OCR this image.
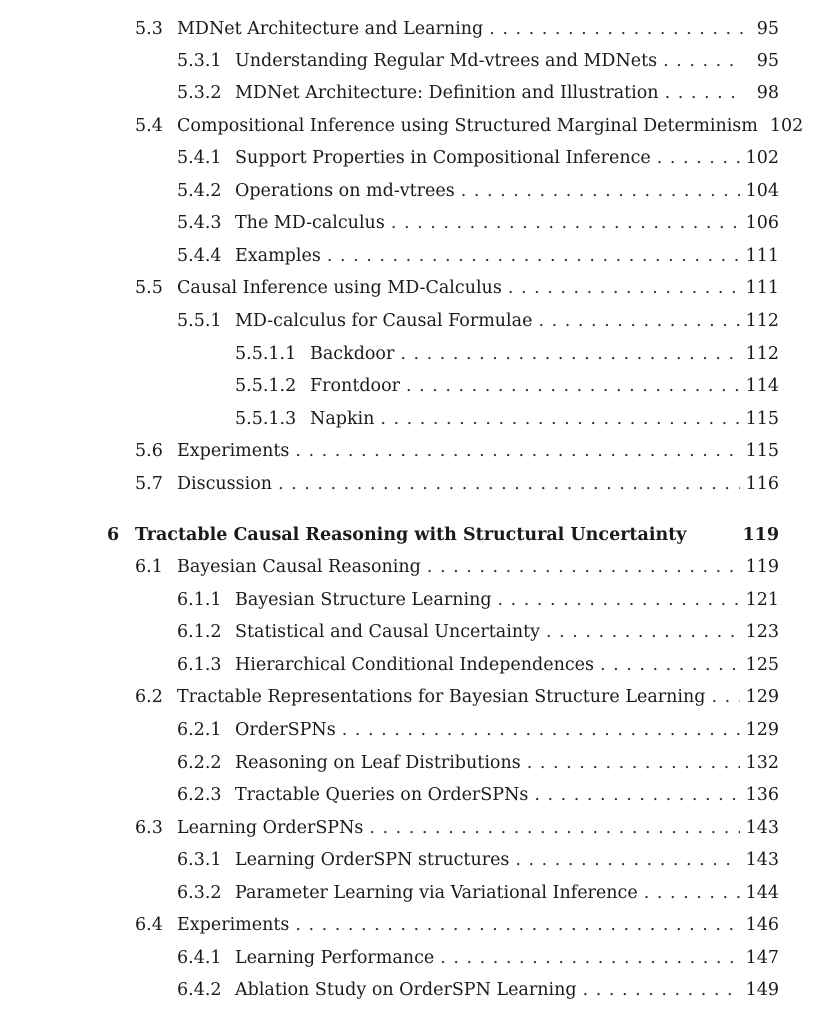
5.3 MDNet Architecture and Learning . . .	95
5.3.1 Understanding Regular Md-vtrees and MDNets . . .	95
5.3.2 MDNet Architecture: Definition and Illustration . . .	98
5.4 Compositional Inference using Structured Marginal Determinism 102
5.4.1 Support Properties in Compositional Inference . . .	102
5.4.2 Operations on md-vtrees . . .	104
5.4.3 The MD-calculus . . .	106
5.4.4 Examples . . .	111
5.5 Causal Inference using MD-Calculus . . .	111
5.5.1 MD-calculus for Causal Formulae . . .	112
5.5.1.1 Backdoor . . .	112
5.5.1.2 Frontdoor . . .	114
5.5.1.3 Napkin . . .	115
5.6 Experiments . . .	115
5.7 Discussion . . .	116
6 Tractable Causal Reasoning with Structural Uncertainty	119
6.1 Bayesian Causal Reasoning . . .	119
6.1.1 Bayesian Structure Learning . . .	121
6.1.2 Statistical and Causal Uncertainty . . .	123
6.1.3 Hierarchical Conditional Independences . . .	125
6.2 Tractable Representations for Bayesian Structure Learning . . . 129
6.2.1 OrderSPNs . . .	129
6.2.2 Reasoning on Leaf Distributions . . .	132
6.2.3 Tractable Queries on OrderSPNs . . .	136
6.3 Learning OrderSPNs . . .	143
6.3.1 Learning OrderSPN structures . . .	143
6.3.2 Parameter Learning via Variational Inference . . .	144
6.4 Experiments . . .	146
6.4.1 Learning Performance . . .	147
6.4.2 Ablation Study on OrderSPN Learning . . .	149
